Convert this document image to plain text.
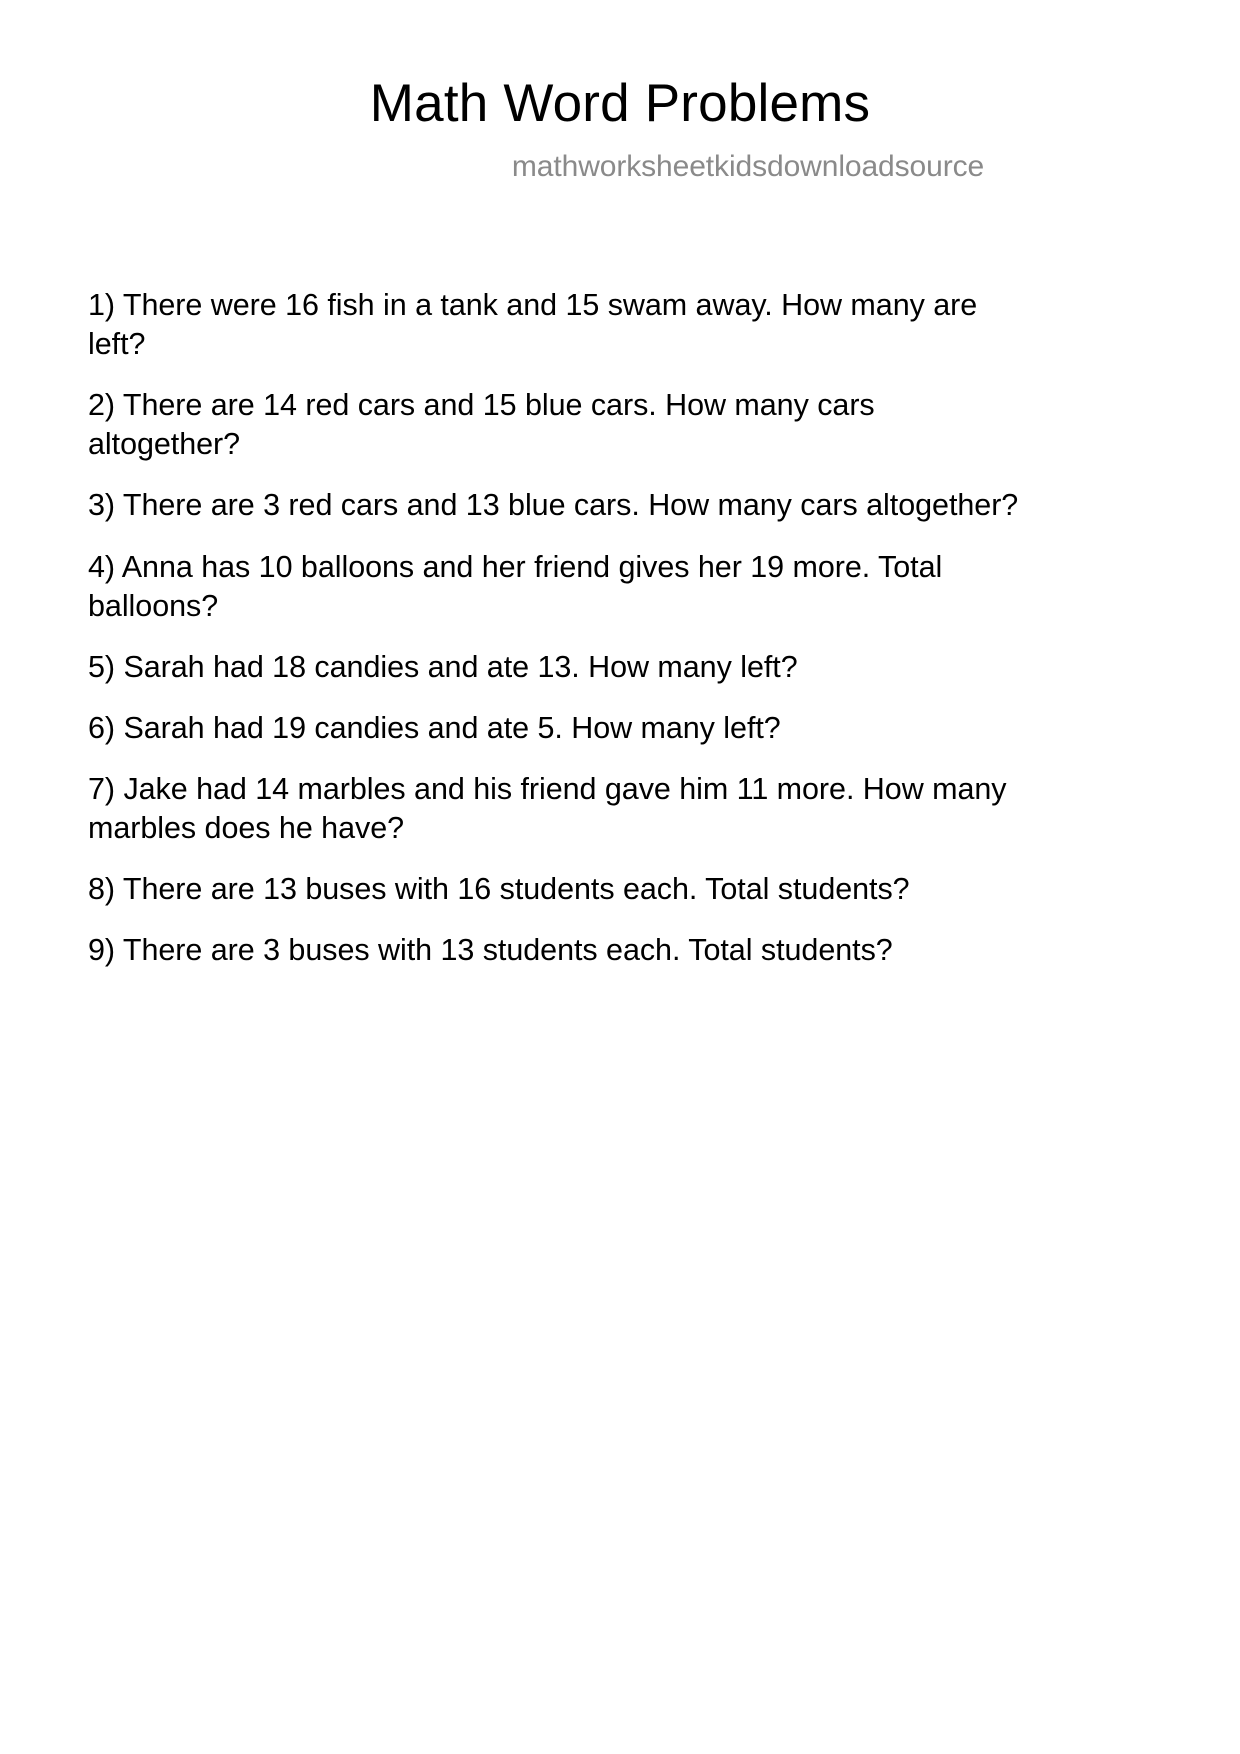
Math Word Problems
mathworksheetkidsdownloadsource

1) There were 16 fish in a tank and 15 swam away. How many are left?

2) There are 14 red cars and 15 blue cars. How many cars altogether?

3) There are 3 red cars and 13 blue cars. How many cars altogether?

4) Anna has 10 balloons and her friend gives her 19 more. Total balloons?

5) Sarah had 18 candies and ate 13. How many left?

6) Sarah had 19 candies and ate 5. How many left?

7) Jake had 14 marbles and his friend gave him 11 more. How many marbles does he have?

8) There are 13 buses with 16 students each. Total students?

9) There are 3 buses with 13 students each. Total students?
